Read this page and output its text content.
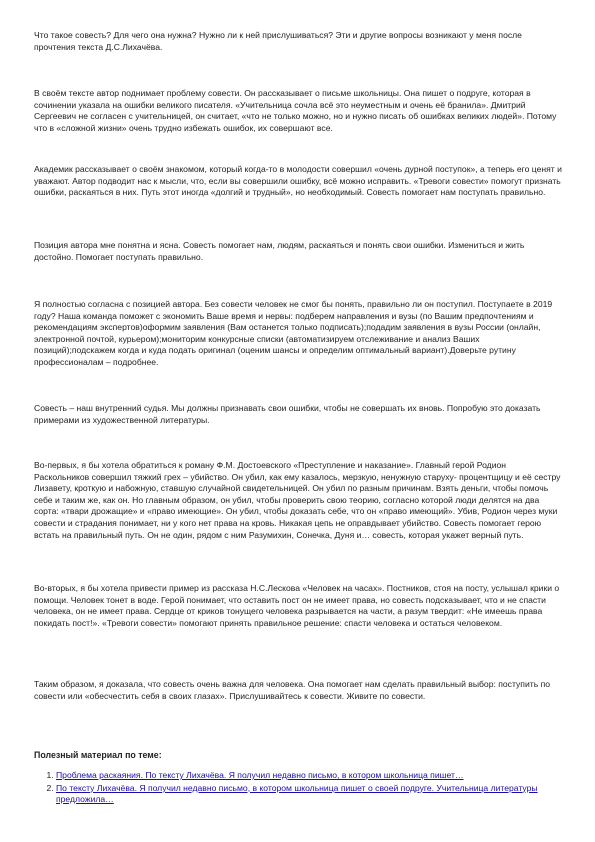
Что такое совесть? Для чего она нужна? Нужно ли к ней прислушиваться? Эти и другие вопросы возникают у меня после прочтения текста Д.С.Лихачёва.

В своём тексте автор поднимает проблему совести. Он рассказывает о письме школьницы. Она пишет о подруге, которая в сочинении указала на ошибки великого писателя. «Учительница сочла всё это неуместным и очень её бранила». Дмитрий Сергеевич не согласен с учительницей, он считает, «что не только можно, но и нужно писать об ошибках великих людей». Потому что в «сложной жизни» очень трудно избежать ошибок, их совершают все.

Академик рассказывает о своём знакомом, который когда-то в молодости совершил «очень дурной поступок», а теперь его ценят и уважают. Автор подводит нас к мысли, что, если вы совершили ошибку, всё можно исправить. «Тревоги совести» помогут признать ошибки, раскаяться в них. Путь этот иногда «долгий и трудный», но необходимый. Совесть помогает нам поступать правильно.

Позиция автора мне понятна и ясна. Совесть помогает нам, людям, раскаяться и понять свои ошибки. Измениться и жить достойно. Помогает поступать правильно.

Я полностью согласна с позицией автора. Без совести человек не смог бы понять, правильно ли он поступил. Поступаете в 2019 году? Наша команда поможет с экономить Ваше время и нервы: подберем направления и вузы (по Вашим предпочтениям и рекомендациям экспертов)оформим заявления (Вам останется только подписать);подадим заявления в вузы России (онлайн, электронной почтой, курьером);мониторим конкурсные списки (автоматизируем отслеживание и анализ Ваших позиций);подскажем когда и куда подать оригинал (оценим шансы и определим оптимальный вариант).Доверьте рутину профессионалам – подробнее.

Совесть – наш внутренний судья. Мы должны признавать свои ошибки, чтобы не совершать их вновь. Попробую это доказать примерами из художественной литературы.

Во-первых, я бы хотела обратиться к роману Ф.М. Достоевского «Преступление и наказание». Главный герой Родион Раскольников совершил тяжкий грех – убийство. Он убил, как ему казалось, мерзкую, ненужную старуху- процентщицу и её сестру Лизавету, кроткую и набожную, ставшую случайной свидетельницей. Он убил по разным причинам. Взять деньги, чтобы помочь себе и таким же, как он. Но главным образом, он убил, чтобы проверить свою теорию, согласно которой люди делятся на два сорта: «твари дрожащие» и «право имеющие». Он убил, чтобы доказать себе, что он «право имеющий». Убив, Родион через муки совести и страдания понимает, ни у кого нет права на кровь. Никакая цепь не оправдывает убийство. Совесть помогает герою встать на правильный путь. Он не один, рядом с ним Разумихин, Сонечка, Дуня и… совесть, которая укажет верный путь.

Во-вторых, я бы хотела привести пример из рассказа Н.С.Лескова «Человек на часах». Постников, стоя на посту, услышал крики о помощи. Человек тонет в воде. Герой понимает, что оставить пост он не имеет права, но совесть подсказывает, что и не спасти человека, он не имеет права. Сердце от криков тонущего человека разрывается на части, а разум твердит: «Не имеешь права покидать пост!». «Тревоги совести» помогают принять правильное решение: спасти человека и остаться человеком.

Таким образом, я доказала, что совесть очень важна для человека. Она помогает нам сделать правильный выбор: поступить по совести или «обесчестить себя в своих глазах». Прислушивайтесь к совести. Живите по совести.

Полезный материал по теме:

1. Проблема раскаяния. По тексту Лихачёва. Я получил недавно письмо, в котором школьница пишет…
2. По тексту Лихачёва. Я получил недавно письмо, в котором школьница пишет о своей подруге. Учительница литературы предложила…
